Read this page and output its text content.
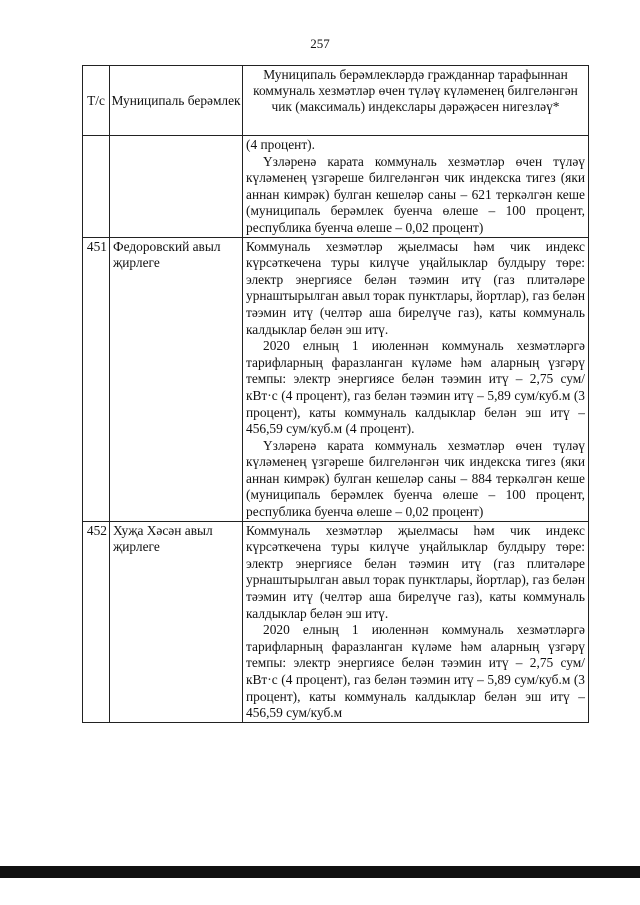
257
Т/с	Муниципаль берәмлек	Муниципаль берәмлекләрдә гражданнар тарафыннан коммуналь хезмәтләр өчен түләү күләменең билгеләнгән чик (максималь) индекслары дәрәҗәсен нигезләү*

		(4 процент).

Үзләренә карата коммуналь хезмәтләр өчен түләү күләменең үзгәреше билгеләнгән чик индекска тигез (яки аннан кимрәк) булган кешеләр саны – 621 теркәлгән кеше (муниципаль берәмлек буенча өлеше – 100 процент, республика буенча өлеше – 0,02 процент)

451	Федоровский авыл җирлеге	Коммуналь хезмәтләр җыелмасы һәм чик индекс күрсәткечена туры килүче уңайлыклар булдыру төре: электр энергиясе белән тәэмин итү (газ плитәләре урнаштырылган авыл торак пунктлары, йортлар), газ белән тәэмин итү (челтәр аша бирелүче газ), каты коммуналь калдыклар белән эш итү.

2020 елның 1 июленнән коммуналь хезмәтләргә тарифларның фаразланган күләме һәм аларның үзгәрү темпы: электр энергиясе белән тәэмин итү – 2,75 сум/кВт·с (4 процент), газ белән тәэмин итү – 5,89 сум/куб.м (3 процент), каты коммуналь калдыклар белән эш итү – 456,59 сум/куб.м (4 процент).

Үзләренә карата коммуналь хезмәтләр өчен түләү күләменең үзгәреше билгеләнгән чик индекска тигез (яки аннан кимрәк) булган кешеләр саны – 884 теркәлгән кеше (муниципаль берәмлек буенча өлеше – 100 процент, республика буенча өлеше – 0,02 процент)

452	Хуҗа Хәсән авыл җирлеге	Коммуналь хезмәтләр җыелмасы һәм чик индекс күрсәткечена туры килүче уңайлыклар булдыру төре: электр энергиясе белән тәэмин итү (газ плитәләре урнаштырылган авыл торак пунктлары, йортлар), газ белән тәэмин итү (челтәр аша бирелүче газ), каты коммуналь калдыклар белән эш итү.

2020 елның 1 июленнән коммуналь хезмәтләргә тарифларның фаразланган күләме һәм аларның үзгәрү темпы: электр энергиясе белән тәэмин итү – 2,75 сум/кВт·с (4 процент), газ белән тәэмин итү – 5,89 сум/куб.м (3 процент), каты коммуналь калдыклар белән эш итү – 456,59 сум/куб.м
